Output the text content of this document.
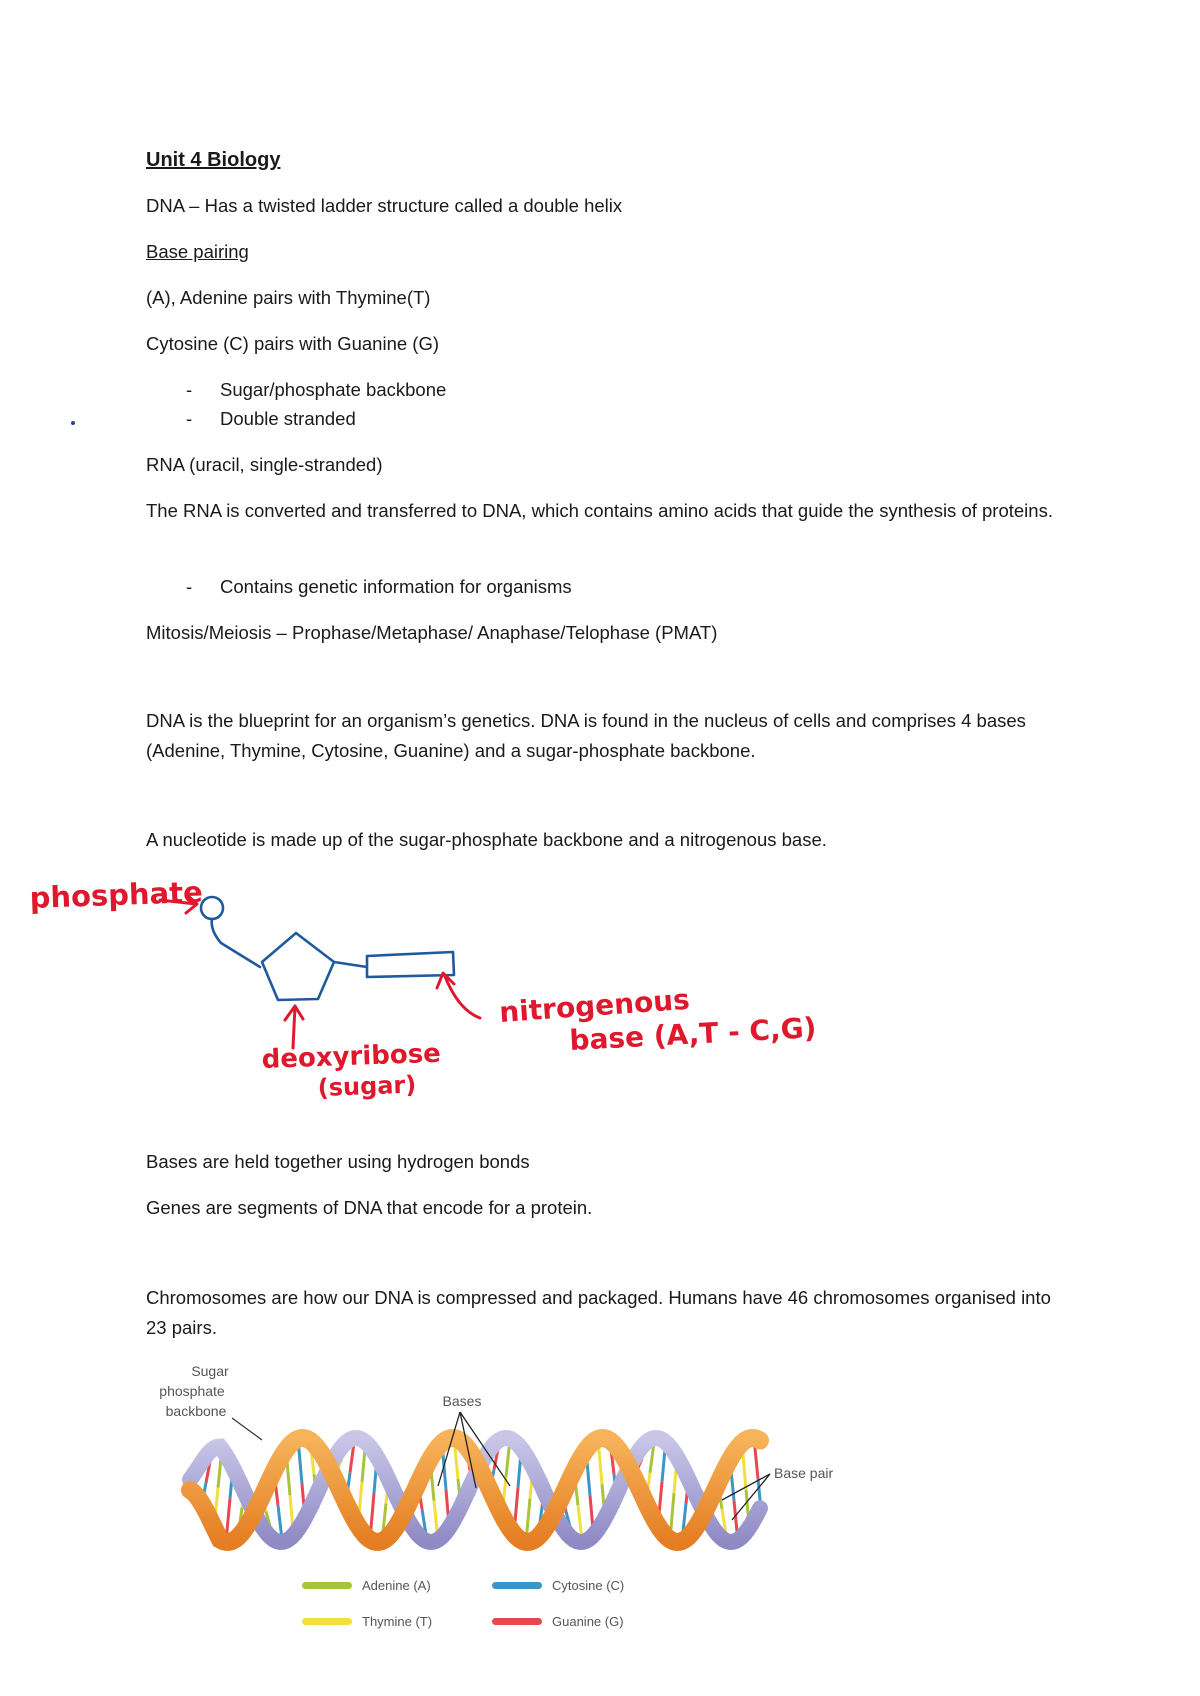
Unit 4 Biology

DNA – Has a twisted ladder structure called a double helix

Base pairing

(A), Adenine pairs with Thymine(T)

Cytosine (C) pairs with Guanine (G)

- Sugar/phosphate backbone

- Double stranded

RNA (uracil, single-stranded)

The RNA is converted and transferred to DNA, which contains amino acids that guide the synthesis of proteins.

- Contains genetic information for organisms

Mitosis/Meiosis – Prophase/Metaphase/ Anaphase/Telophase (PMAT)

DNA is the blueprint for an organism’s genetics. DNA is found in the nucleus of cells and comprises 4 bases (Adenine, Thymine, Cytosine, Guanine) and a sugar-phosphate backbone.

A nucleotide is made up of the sugar-phosphate backbone and a nitrogenous base.

phosphate
nitrogenous
base (A,T - C,G)
deoxyribose
(sugar)

Bases are held together using hydrogen bonds

Genes are segments of DNA that encode for a protein.

Chromosomes are how our DNA is compressed and packaged. Humans have 46 chromosomes organised into 23 pairs.

Sugar
phosphate
backbone
Bases
Base pair
Adenine (A)	Cytosine (C)
Thymine (T)	Guanine (G)
